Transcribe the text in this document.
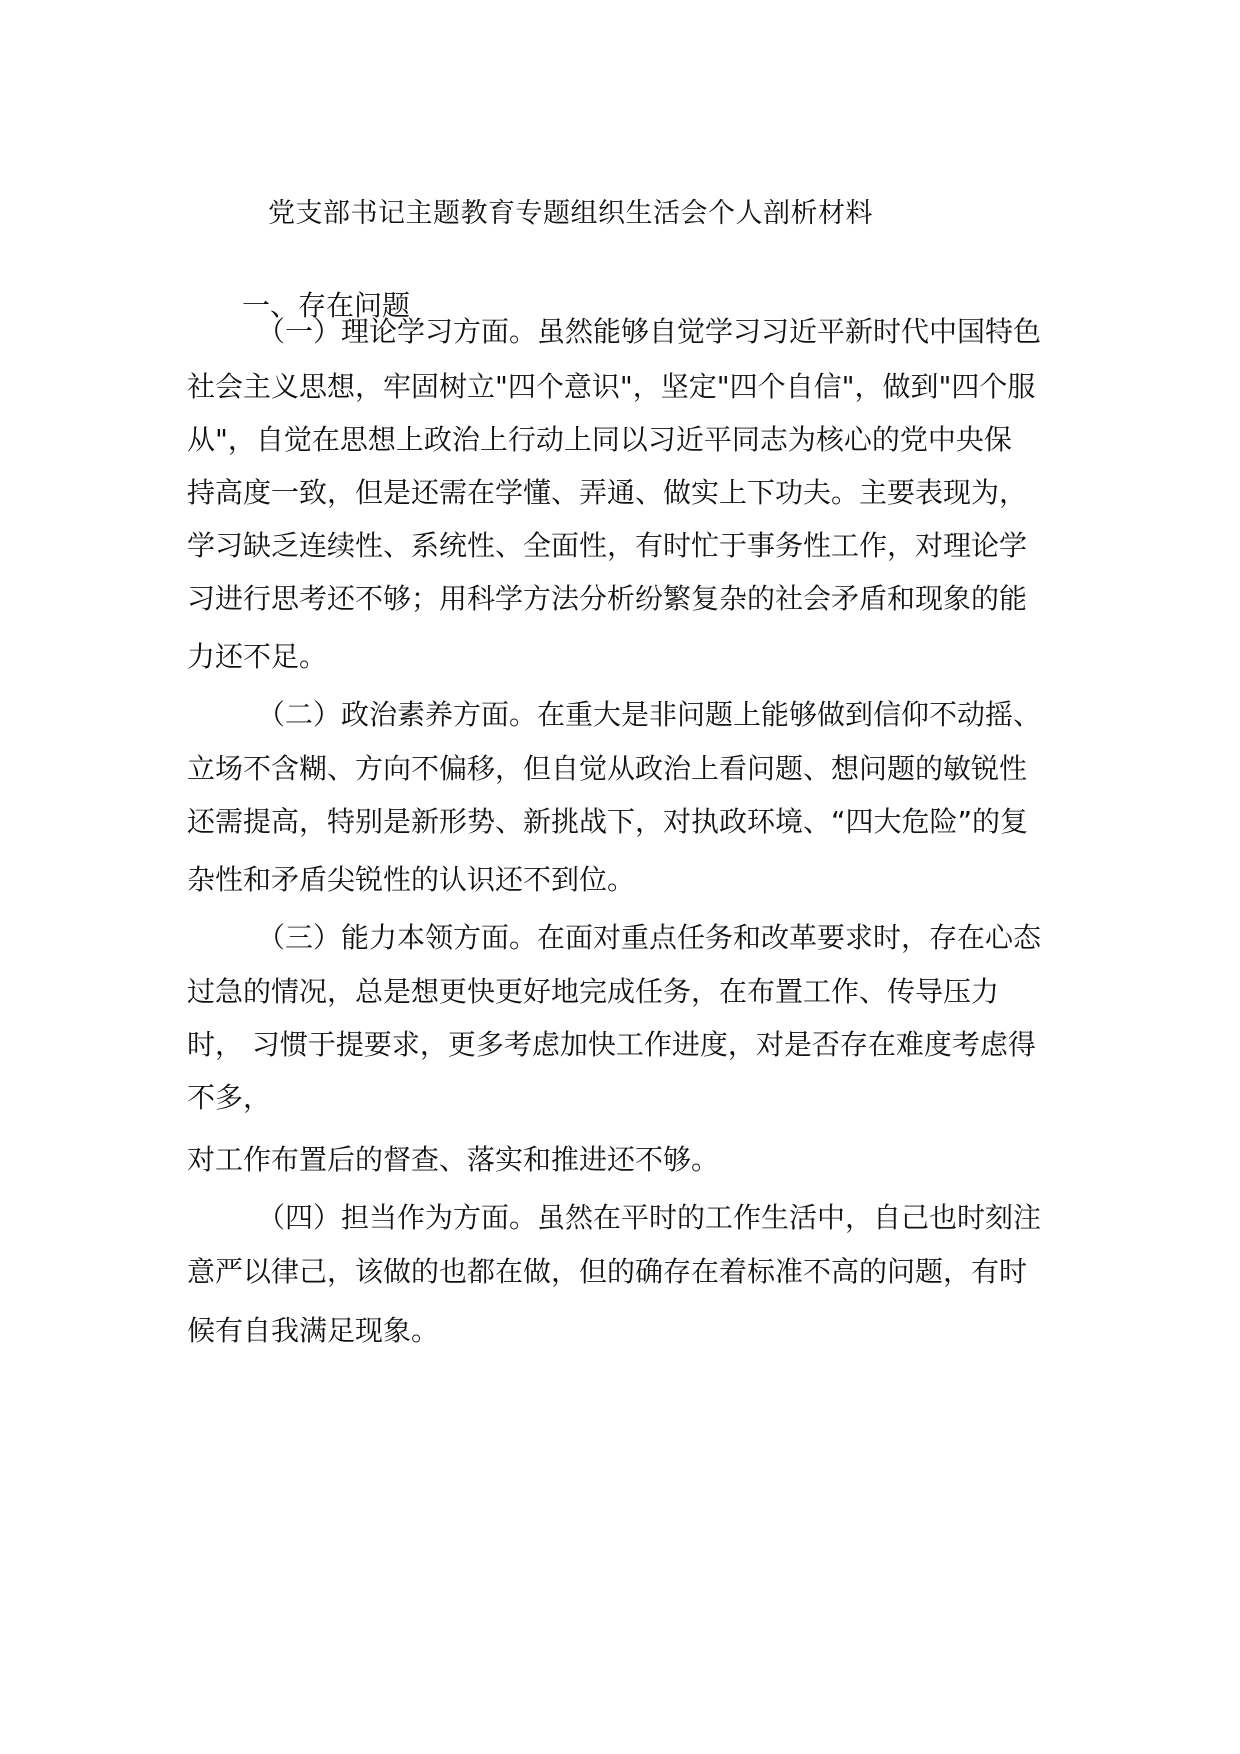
党支部书记主题教育专题组织生活会个人剖析材料
一、存在问题
（一）理论学习方面。虽然能够自觉学习习近平新时代中国特色
社会主义思想，牢固树立"四个意识"，坚定"四个自信"，做到"四个服
从"，自觉在思想上政治上行动上同以习近平同志为核心的党中央保
持高度一致，但是还需在学懂、弄通、做实上下功夫。主要表现为，
学习缺乏连续性、系统性、全面性，有时忙于事务性工作，对理论学
习进行思考还不够；用科学方法分析纷繁复杂的社会矛盾和现象的能
力还不足。
（二）政治素养方面。在重大是非问题上能够做到信仰不动摇、
立场不含糊、方向不偏移，但自觉从政治上看问题、想问题的敏锐性
还需提高，特别是新形势、新挑战下，对执政环境、“四大危险”的复
杂性和矛盾尖锐性的认识还不到位。
（三）能力本领方面。在面对重点任务和改革要求时，存在心态
过急的情况，总是想更快更好地完成任务，在布置工作、传导压力
时， 习惯于提要求，更多考虑加快工作进度，对是否存在难度考虑得
不多，
对工作布置后的督查、落实和推进还不够。
（四）担当作为方面。虽然在平时的工作生活中，自己也时刻注
意严以律己，该做的也都在做，但的确存在着标准不高的问题，有时
候有自我满足现象。
